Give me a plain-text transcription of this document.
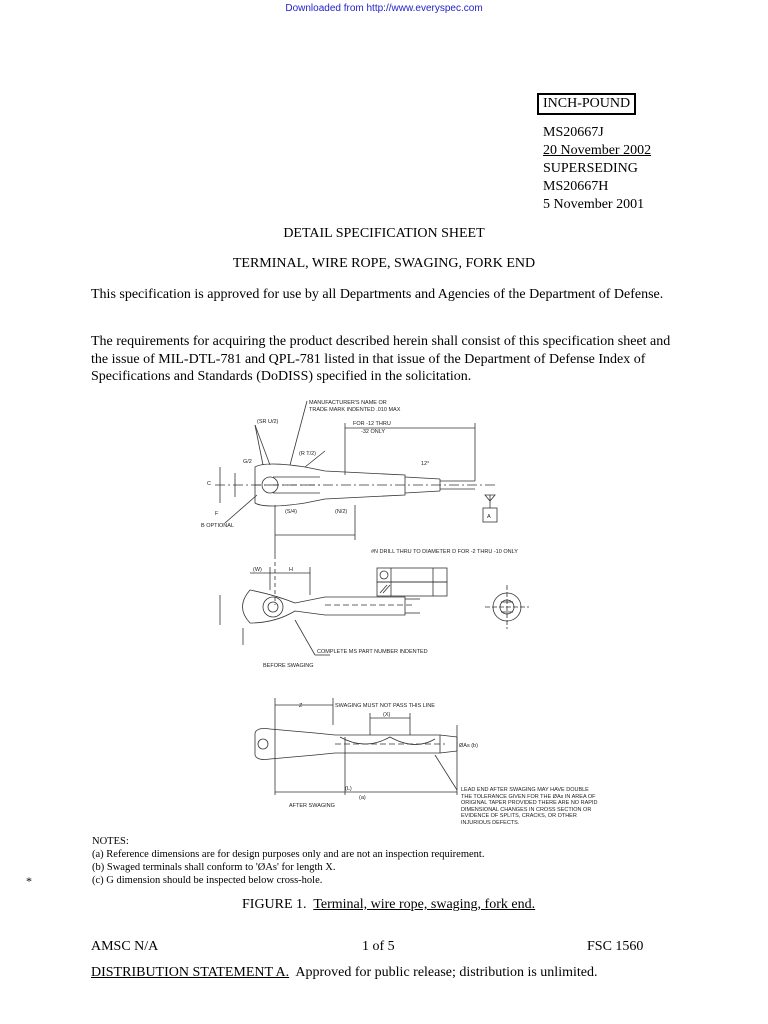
Downloaded from http://www.everyspec.com
INCH-POUND
MS20667J
20 November 2002
SUPERSEDING
MS20667H
5 November 2001
DETAIL SPECIFICATION SHEET
TERMINAL, WIRE ROPE, SWAGING, FORK END
This specification is approved for use by all Departments and Agencies of the Department of Defense.
The requirements for acquiring the product described herein shall consist of this specification sheet and the issue of MIL-DTL-781 and QPL-781 listed in that issue of the Department of Defense Index of Specifications and Standards (DoDISS) specified in the solicitation.
MANUFACTURER'S NAME OR
TRADE MARK INDENTED .010 MAX
FOR -12 THRU
-32 ONLY
(SR U/2)
(R T/2)
G/2
C
F
B OPTIONAL
(S/4)	(N/2)
12°
A
#N DRILL THRU TO DIAMETER D FOR -2 THRU -10 ONLY
(W)	H
COMPLETE MS PART NUMBER INDENTED
BEFORE SWAGING
Z	SWAGING MUST NOT PASS THIS LINE
(X)
ØAs (b)
(L)
(a)
AFTER SWAGING
LEAD END AFTER SWAGING MAY HAVE DOUBLE THE TOLERANCE GIVEN FOR THE ØAs IN AREA OF ORIGINAL TAPER PROVIDED THERE ARE NO RAPID DIMENSIONAL CHANGES IN CROSS SECTION OR EVIDENCE OF SPLITS, CRACKS, OR OTHER INJURIOUS DEFECTS.
NOTES:
(a) Reference dimensions are for design purposes only and are not an inspection requirement.
(b) Swaged terminals shall conform to 'ØAs' for length X.
(c) G dimension should be inspected below cross-hole.
*
FIGURE 1. Terminal, wire rope, swaging, fork end.
AMSC N/A	1 of 5	FSC 1560
DISTRIBUTION STATEMENT A. Approved for public release; distribution is unlimited.
